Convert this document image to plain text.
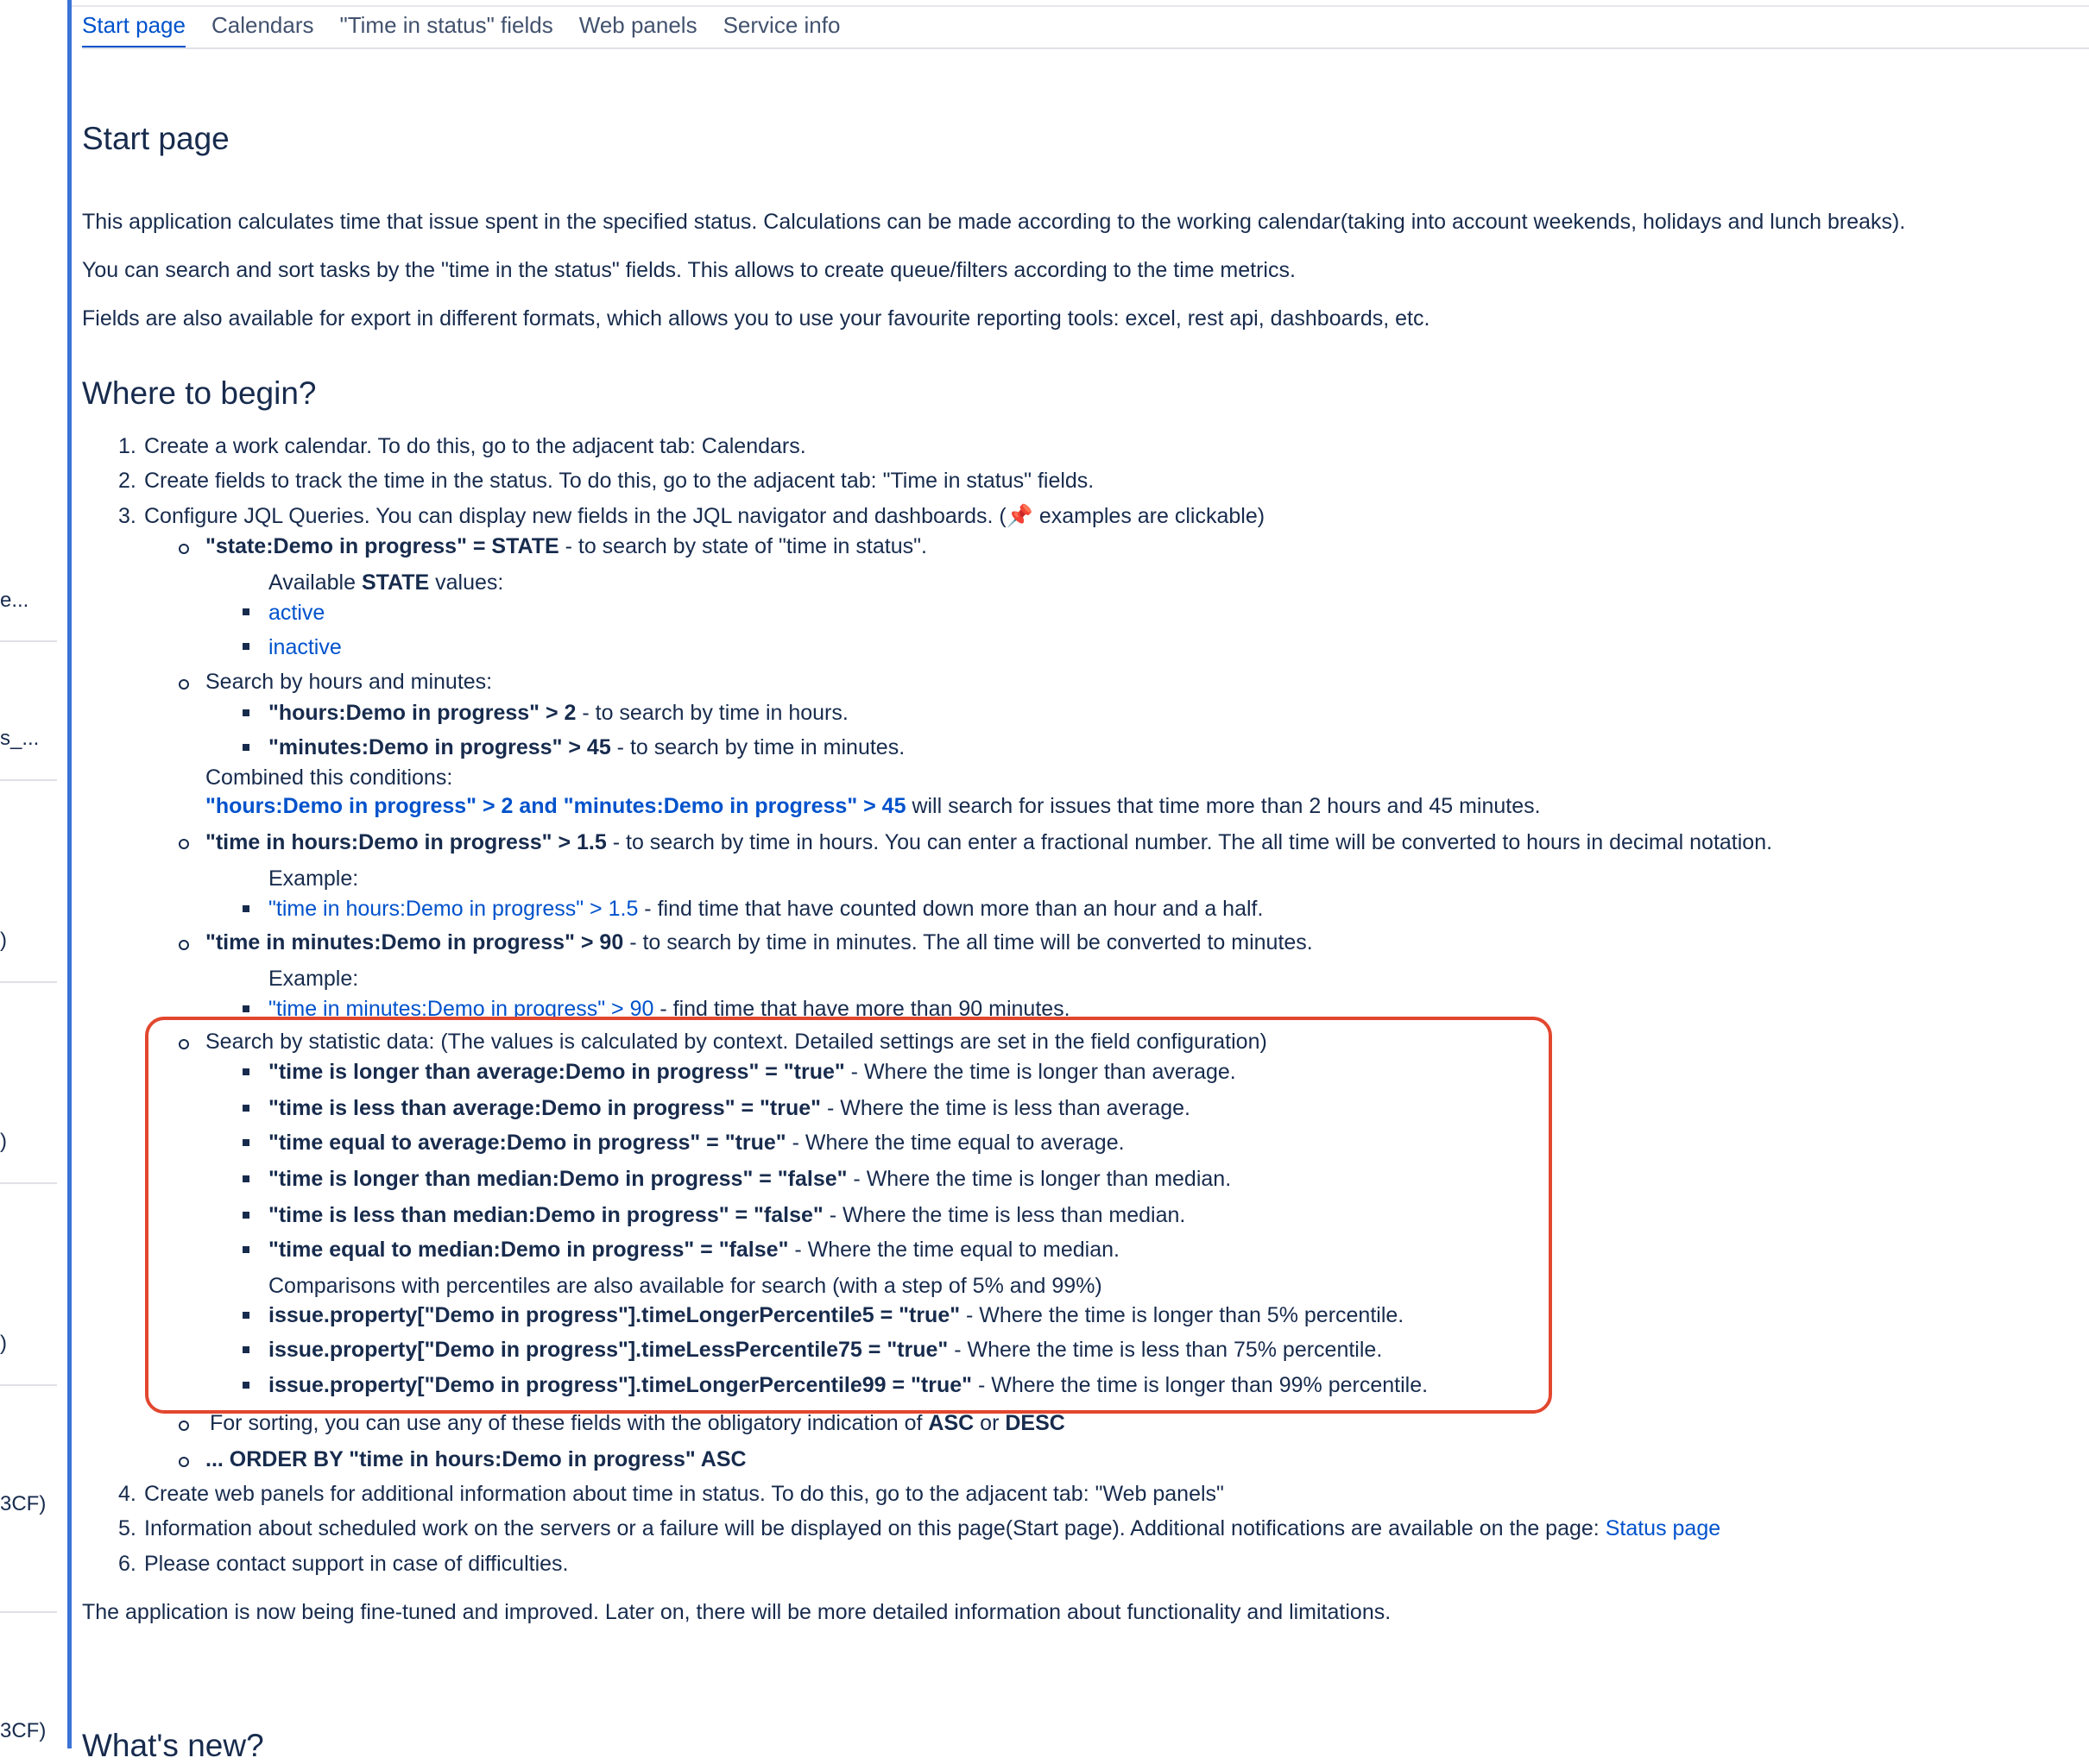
e...
s_...
)
)
)
3CF)
3CF)
Start page Calendars "Time in status" fields Web panels Service info
Start page

This application calculates time that issue spent in the specified status. Calculations can be made according to the working calendar(taking into account weekends, holidays and lunch breaks).

You can search and sort tasks by the "time in the status" fields. This allows to create queue/filters according to the time metrics.

Fields are also available for export in different formats, which allows you to use your favourite reporting tools: excel, rest api, dashboards, etc.

Where to begin?
1. Create a work calendar. To do this, go to the adjacent tab: Calendars.
2. Create fields to track the time in the status. To do this, go to the adjacent tab: "Time in status" fields.
3. Configure JQL Queries. You can display new fields in the JQL navigator and dashboards. (📌 examples are clickable)
"state:Demo in progress" = STATE - to search by state of "time in status".
Available STATE values:
active
inactive
Search by hours and minutes:
"hours:Demo in progress" > 2 - to search by time in hours.
"minutes:Demo in progress" > 45 - to search by time in minutes.
Combined this conditions:
"hours:Demo in progress" > 2 and "minutes:Demo in progress" > 45 will search for issues that time more than 2 hours and 45 minutes.
"time in hours:Demo in progress" > 1.5 - to search by time in hours. You can enter a fractional number. The all time will be converted to hours in decimal notation.
Example:
"time in hours:Demo in progress" > 1.5 - find time that have counted down more than an hour and a half.
"time in minutes:Demo in progress" > 90 - to search by time in minutes. The all time will be converted to minutes.
Example:
"time in minutes:Demo in progress" > 90 - find time that have more than 90 minutes.
Search by statistic data: (The values is calculated by context. Detailed settings are set in the field configuration)
"time is longer than average:Demo in progress" = "true" - Where the time is longer than average.
"time is less than average:Demo in progress" = "true" - Where the time is less than average.
"time equal to average:Demo in progress" = "true" - Where the time equal to average.
"time is longer than median:Demo in progress" = "false" - Where the time is longer than median.
"time is less than median:Demo in progress" = "false" - Where the time is less than median.
"time equal to median:Demo in progress" = "false" - Where the time equal to median.
Comparisons with percentiles are also available for search (with a step of 5% and 99%)
issue.property["Demo in progress"].timeLongerPercentile5 = "true" - Where the time is longer than 5% percentile.
issue.property["Demo in progress"].timeLessPercentile75 = "true" - Where the time is less than 75% percentile.
issue.property["Demo in progress"].timeLongerPercentile99 = "true" - Where the time is longer than 99% percentile.
For sorting, you can use any of these fields with the obligatory indication of ASC or DESC
... ORDER BY "time in hours:Demo in progress" ASC
4. Create web panels for additional information about time in status. To do this, go to the adjacent tab: "Web panels"
5. Information about scheduled work on the servers or a failure will be displayed on this page(Start page). Additional notifications are available on the page: Status page
6. Please contact support in case of difficulties.

The application is now being fine-tuned and improved. Later on, there will be more detailed information about functionality and limitations.

What's new?
